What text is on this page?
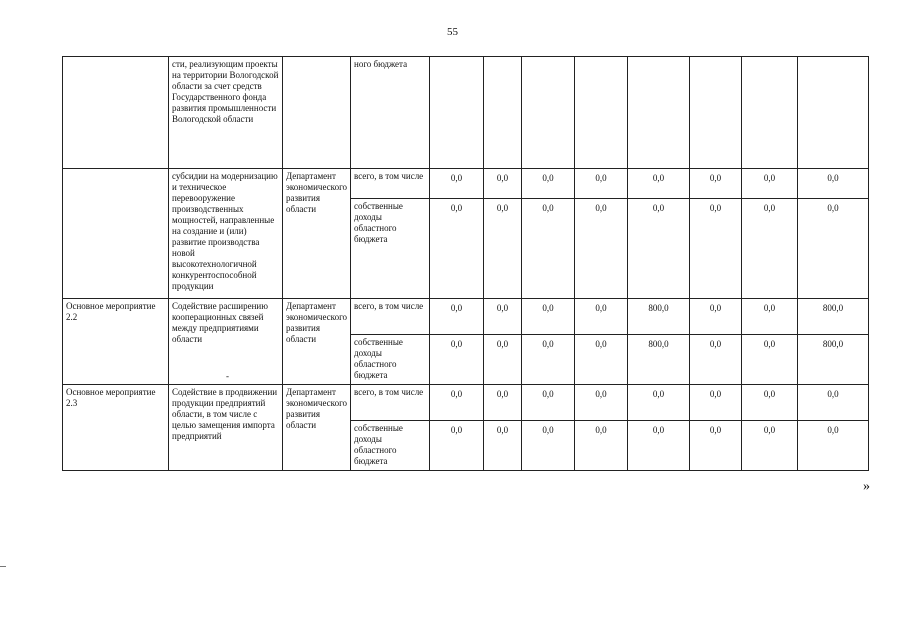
55
	сти, реализующим проекты на территории Вологодской области за счет средств Государственного фонда развития промышленности Вологодской области		ного бюджета								
	субсидии на модернизацию и техническое перевооружение производственных мощностей, направленные на создание и (или) развитие производства новой высокотехнологичной конкурентоспособной продукции	Департамент экономического развития области	всего, в том числе	0,0	0,0	0,0	0,0	0,0	0,0	0,0	0,0
			собственные доходы областного бюджета	0,0	0,0	0,0	0,0	0,0	0,0	0,0	0,0
Основное мероприятие 2.2	Содействие расширению кооперационных связей между предприятиями области	Департамент экономического развития области	всего, в том числе	0,0	0,0	0,0	0,0	800,0	0,0	0,0	800,0
			собственные доходы областного бюджета	0,0	0,0	0,0	0,0	800,0	0,0	0,0	800,0
Основное мероприятие 2.3	Содействие в продвижении продукции предприятий области, в том числе с целью замещения импорта предприятий	Департамент экономического развития области	всего, в том числе	0,0	0,0	0,0	0,0	0,0	0,0	0,0	0,0
			собственные доходы областного бюджета	0,0	0,0	0,0	0,0	0,0	0,0	0,0	0,0
-
»
